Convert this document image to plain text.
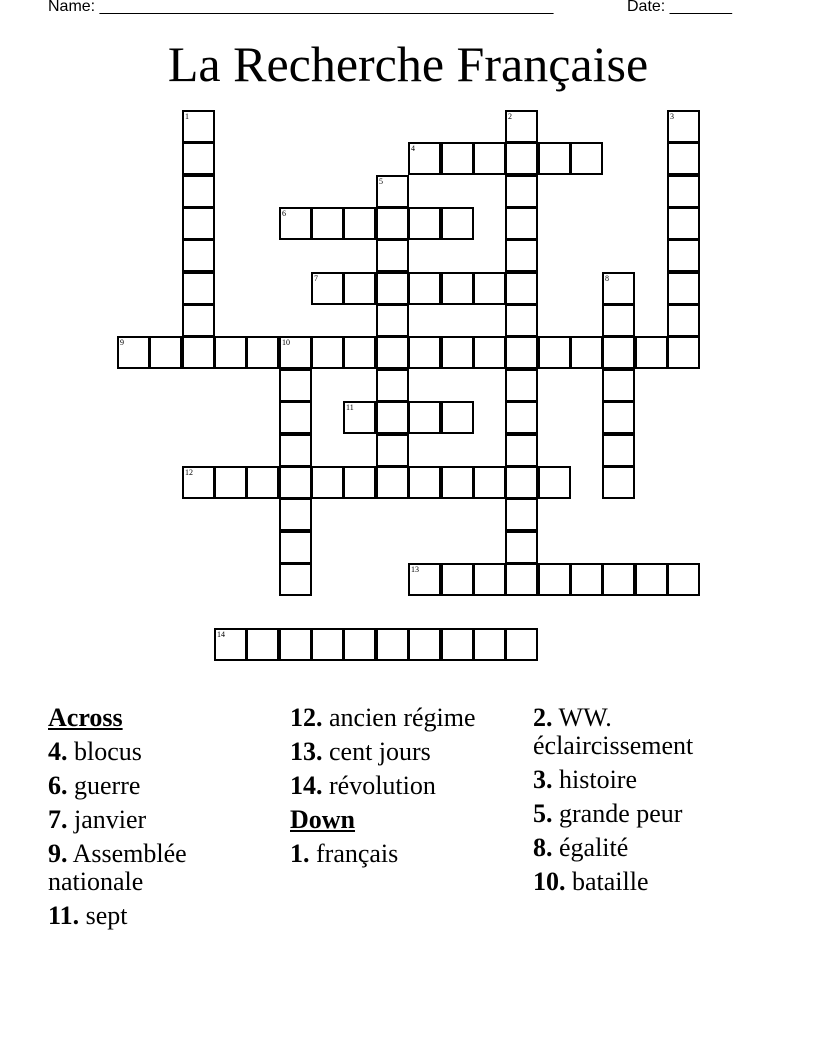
Name: ___________________________________________________	Date: _______
La Recherche Française
1	2	3
4
5
6
7	8
9	10
11
12
13
14
Across
4. blocus
6. guerre
7. janvier
9. Assemblée nationale
11. sept
12. ancien régime
13. cent jours
14. révolution
Down
1. français
2. WW. éclaircissement
3. histoire
5. grande peur
8. égalité
10. bataille
